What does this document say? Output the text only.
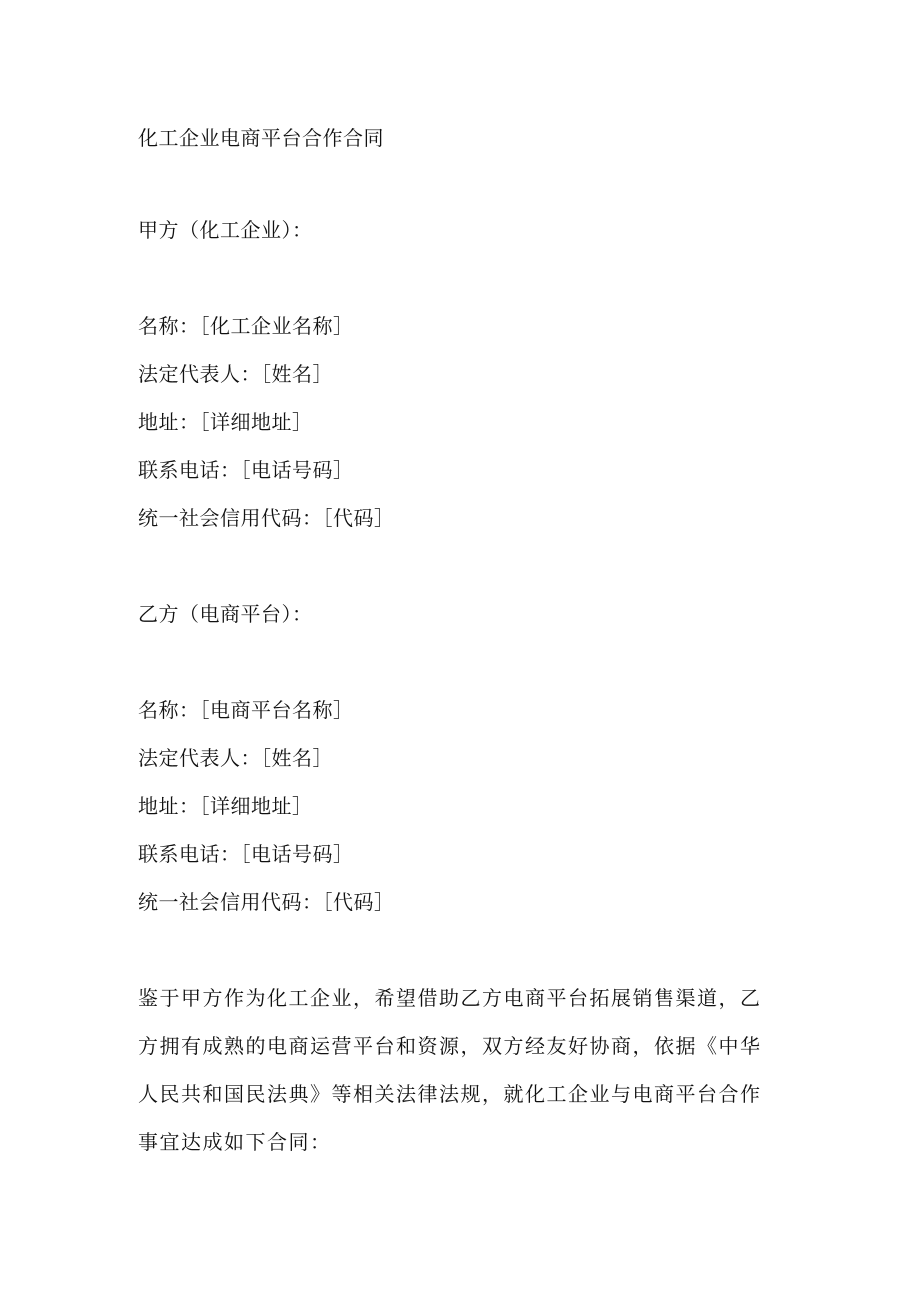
化工企业电商平台合作合同
甲方（化工企业）：
名称：［化工企业名称］
法定代表人：［姓名］
地址：［详细地址］
联系电话：［电话号码］
统一社会信用代码：［代码］
乙方（电商平台）：
名称：［电商平台名称］
法定代表人：［姓名］
地址：［详细地址］
联系电话：［电话号码］
统一社会信用代码：［代码］
鉴于甲方作为化工企业，希望借助乙方电商平台拓展销售渠道，乙方拥有成熟的电商运营平台和资源，双方经友好协商，依据《中华人民共和国民法典》等相关法律法规，就化工企业与电商平台合作事宜达成如下合同：
